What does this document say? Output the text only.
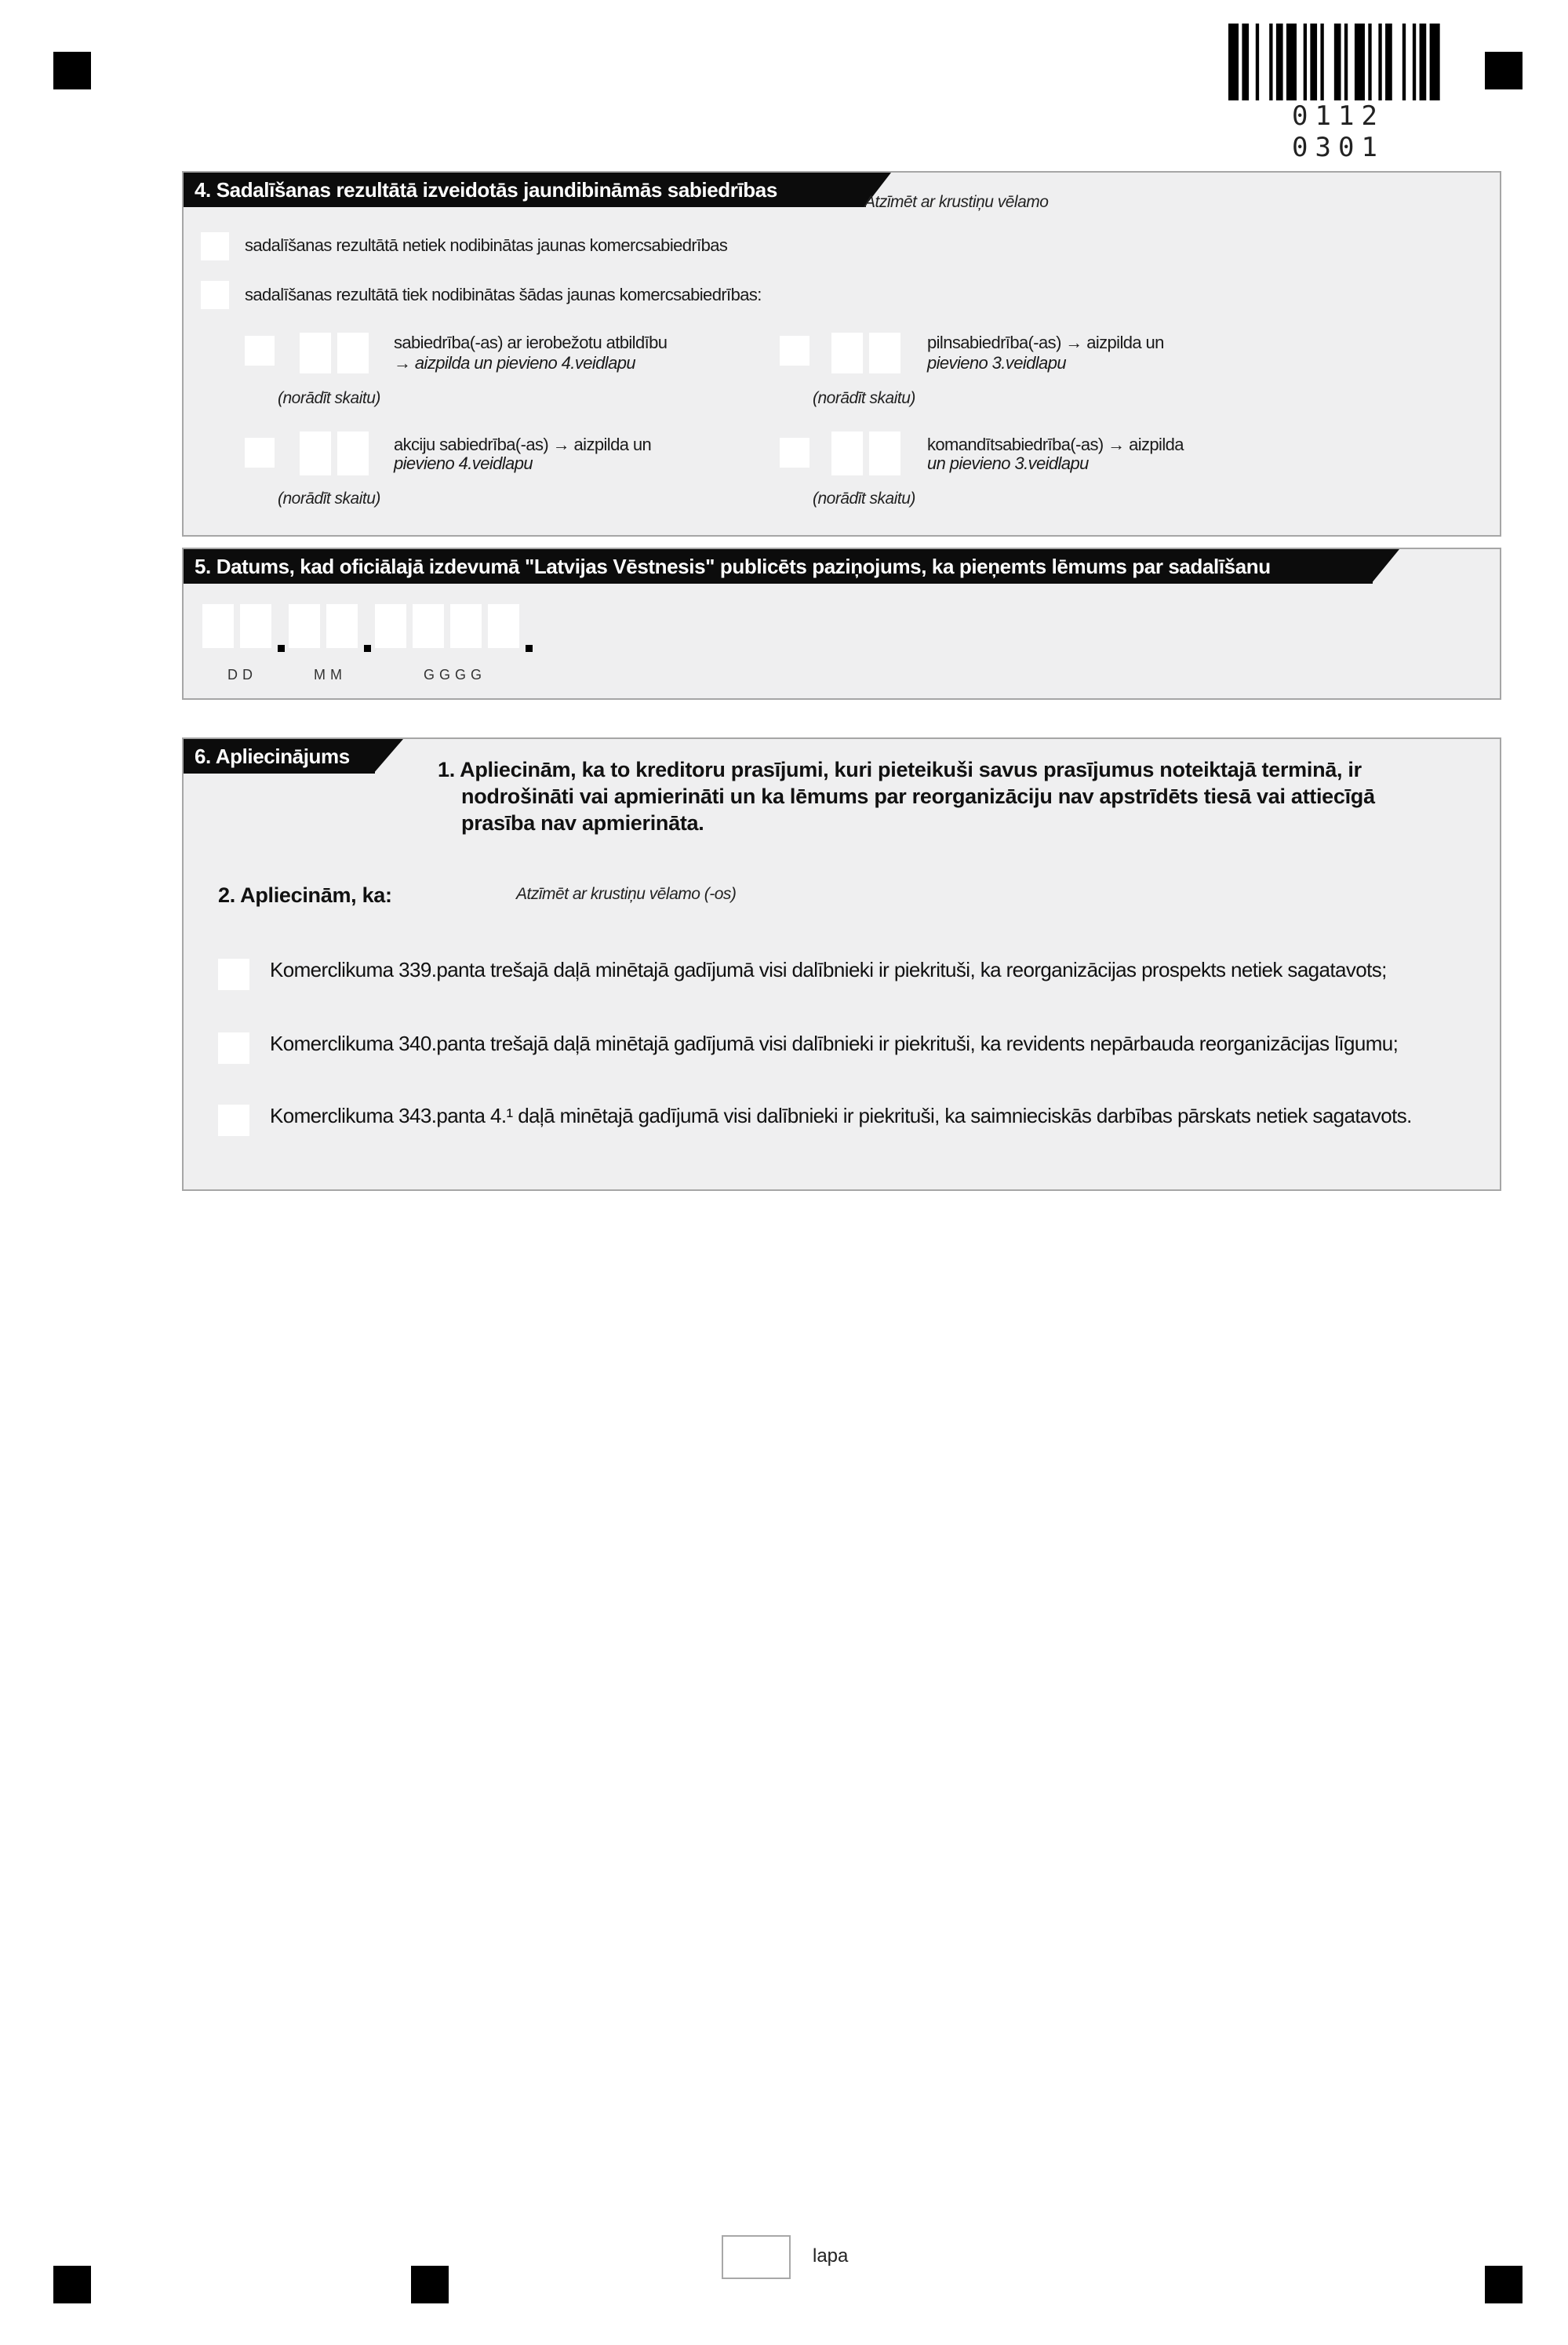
0112 0301
4. Sadalīšanas rezultātā izveidotās jaundibināmās sabiedrības
Atzīmēt ar krustiņu vēlamo
sadalīšanas rezultātā netiek nodibinātas jaunas komercsabiedrības
sadalīšanas rezultātā tiek nodibinātas šādas jaunas komercsabiedrības:
sabiedrība(-as) ar ierobežotu atbildību
→ aizpilda un pievieno 4.veidlapu
(norādīt skaitu)
pilnsabiedrība(-as) → aizpilda un
pievieno 3.veidlapu
(norādīt skaitu)
akciju sabiedrība(-as) → aizpilda un
pievieno 4.veidlapu
(norādīt skaitu)
komandītsabiedrība(-as) → aizpilda
un pievieno 3.veidlapu
(norādīt skaitu)
5. Datums, kad oficiālajā izdevumā "Latvijas Vēstnesis" publicēts paziņojums, ka pieņemts lēmums par sadalīšanu
DD	MM	GGGG
6. Apliecinājums
1. Apliecinām, ka to kreditoru prasījumi, kuri pieteikuši savus prasījumus noteiktajā terminā, ir
nodrošināti vai apmierināti un ka lēmums par reorganizāciju nav apstrīdēts tiesā vai attiecīgā
prasība nav apmierināta.
2. Apliecinām, ka:	Atzīmēt ar krustiņu vēlamo (-os)
Komerclikuma 339.panta trešajā daļā minētajā gadījumā visi dalībnieki ir piekrituši, ka reorganizācijas prospekts netiek sagatavots;
Komerclikuma 340.panta trešajā daļā minētajā gadījumā visi dalībnieki ir piekrituši, ka revidents nepārbauda reorganizācijas līgumu;
Komerclikuma 343.panta 4.¹ daļā minētajā gadījumā visi dalībnieki ir piekrituši, ka saimnieciskās darbības pārskats netiek sagatavots.
lapa
